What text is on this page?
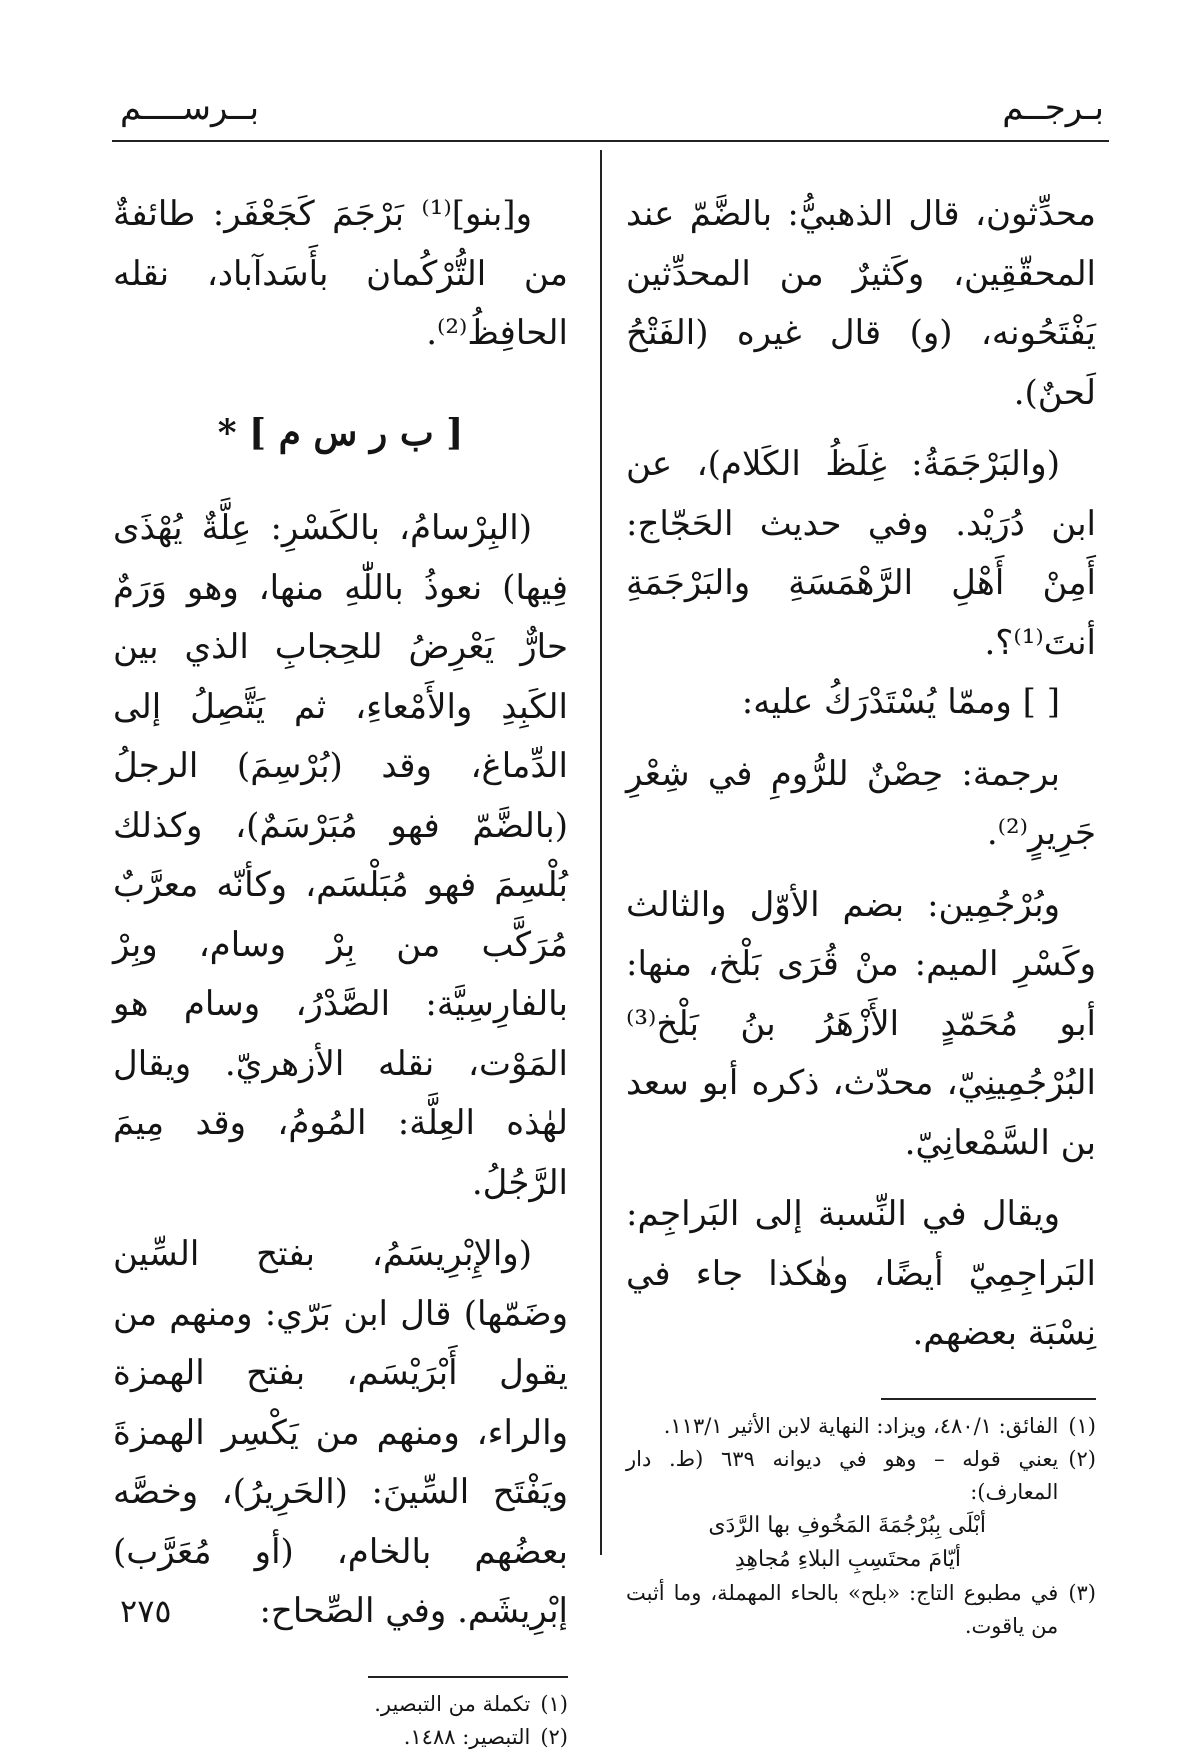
بـرجــم
بــرســــم

محدِّثون، قال الذهبيُّ: بالضَّمّ عند المحقّقِين، وكَثيرٌ من المحدِّثين يَفْتَحُونه، (و) قال غيره (الفَتْحُ لَحنٌ).

(والبَرْجَمَةُ: غِلَظُ الكَلام)، عن ابن دُرَيْد. وفي حديث الحَجّاج: أَمِنْ أَهْلِ الرَّهْمَسَةِ والبَرْجَمَةِ أنتَ⁽¹⁾؟.

[ ] وممّا يُسْتَدْرَكُ عليه:

برجمة: حِصْنٌ للرُّومِ في شِعْرِ جَرِيرٍ⁽²⁾.

وبُرْجُمِين: بضم الأوّل والثالث وكَسْرِ الميم: منْ قُرَى بَلْخ، منها: أبو مُحَمّدٍ الأَزْهَرُ بنُ بَلْخ⁽³⁾ البُرْجُمِينِيّ، محدّث، ذكره أبو سعد بن السَّمْعانِيّ.

ويقال في النِّسبة إلى البَراجِم: البَراجِمِيّ أيضًا، وهٰكذا جاء في نِسْبَة بعضهم.

(١)
الفائق: ٤٨٠/١، ويزاد: النهاية لابن الأثير ١١٣/١.
(٢)
يعني قوله – وهو في ديوانه ٦٣٩ (ط. دار المعارف):
أبْلَى بِبُرْجُمَةَ المَخُوفِ بها الرَّدَى
أيّامَ محتَسِبِ البلاءِ مُجاهِدِ
(٣)
في مطبوع التاج: «بلح» بالحاء المهملة، وما أثبت من ياقوت.

و[بنو]⁽¹⁾ بَرْجَمَ كَجَعْفَر: طائفةٌ من التُّرْكُمان بأَسَدآباد، نقله الحافِظُ⁽²⁾.

[ ب ر س م ] *

(البِرْسامُ، بالكَسْرِ: عِلَّةٌ يُهْذَى فِيها) نعوذُ باللّٰهِ منها، وهو وَرَمٌ حارٌّ يَعْرِضُ للحِجابِ الذي بين الكَبِدِ والأَمْعاءِ، ثم يَتَّصِلُ إلى الدِّماغ، وقد (بُرْسِمَ) الرجلُ (بالضَّمّ فهو مُبَرْسَمٌ)، وكذلك بُلْسِمَ فهو مُبَلْسَم، وكأنّه معرَّبٌ مُرَكَّب من بِرْ وسام، وبِرْ بالفارِسِيَّة: الصَّدْرُ، وسام هو المَوْت، نقله الأزهريّ. ويقال لهٰذه العِلَّة: المُومُ، وقد مِيمَ الرَّجُلُ.

(والإِبْرِيسَمُ، بفتح السِّين وضَمّها) قال ابن بَرّي: ومنهم من يقول أَبْرَيْسَم، بفتح الهمزة والراء، ومنهم من يَكْسِر الهمزةَ ويَفْتَح السِّينَ: (الحَرِيرُ)، وخصَّه بعضُهم بالخام، (أو مُعَرَّب) إبْرِيشَم. وفي الصِّحاح:

(١)
تكملة من التبصير.
(٢)
التبصير: ١٤٨٨.
٢٧٥
